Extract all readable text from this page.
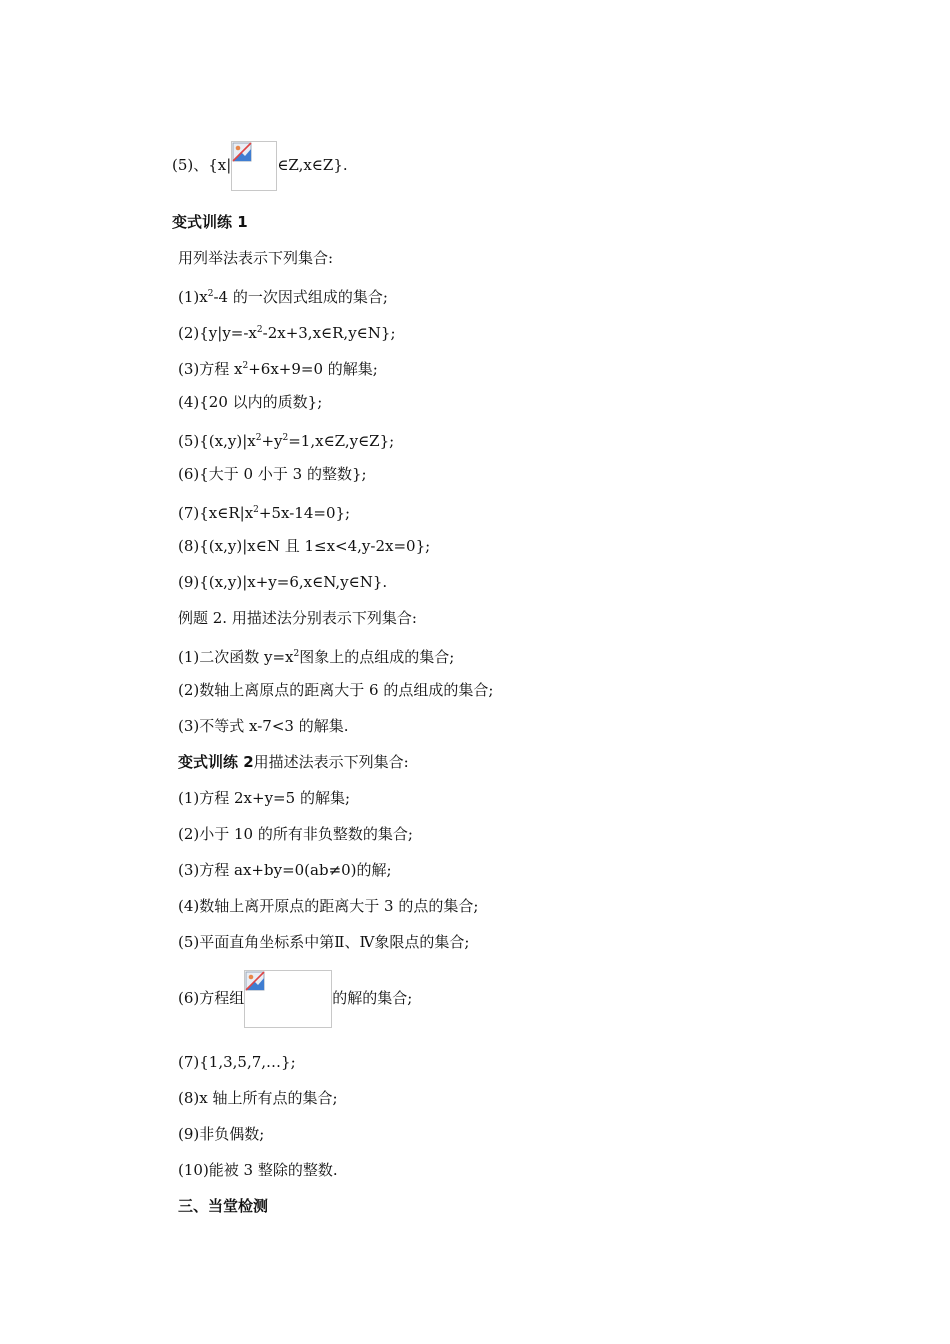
(5)、{x|	∈Z,x∈Z}.
变式训练 1
用列举法表示下列集合:
$(1)x^2-4$ 的一次因式组成的集合;
$(2)\{y|y=-x^2-2x+3,x\in R,y\in N\}$;
(3)方程 $x^2+6x+9=0$ 的解集;
(4){20 以内的质数};
$(5)\{(x,y)|x^2+y^2=1,x\in Z,y\in Z\}$;
(6){大于 0 小于 3 的整数};
$(7)\{x\in R|x^2+5x-14=0\}$;
(8){(x,y)|x∈N 且 1≤x<4,y-2x=0};
(9){(x,y)|x+y=6,x∈N,y∈N}.
例题 2. 用描述法分别表示下列集合:
(1)二次函数 $y=x^2$图象上的点组成的集合;
(2)数轴上离原点的距离大于 6 的点组成的集合;
(3)不等式 x-7<3 的解集.
变式训练 2用描述法表示下列集合:
(1)方程 2x+y=5 的解集;
(2)小于 10 的所有非负整数的集合;
(3)方程 ax+by=0(ab≠0)的解;
(4)数轴上离开原点的距离大于 3 的点的集合;
(5)平面直角坐标系中第Ⅱ、Ⅳ象限点的集合;
(6)方程组	的解的集合;
(7){1,3,5,7,…};
(8)x 轴上所有点的集合;
(9)非负偶数;
(10)能被 3 整除的整数.
三、当堂检测
